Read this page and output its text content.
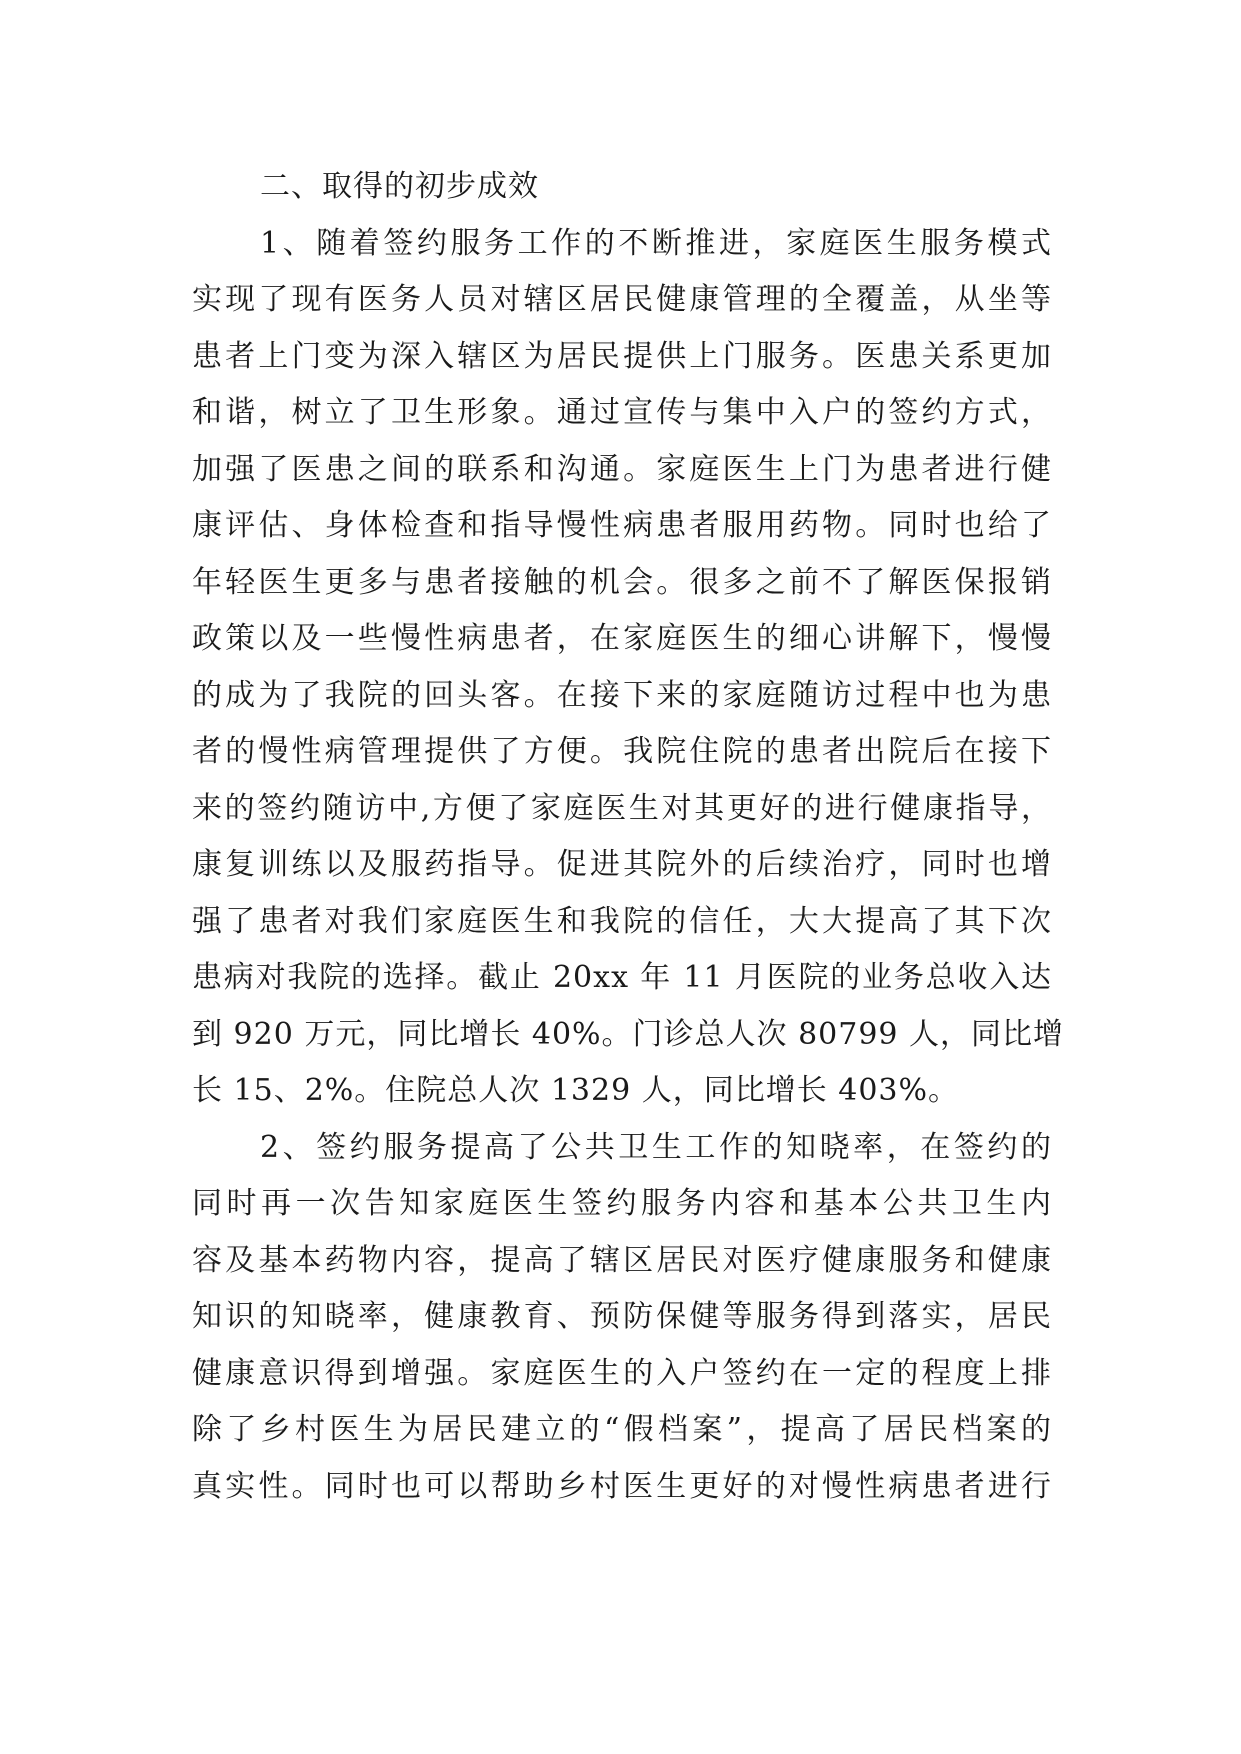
二、取得的初步成效
1、随着签约服务工作的不断推进，家庭医生服务模式
实现了现有医务人员对辖区居民健康管理的全覆盖，从坐等
患者上门变为深入辖区为居民提供上门服务。医患关系更加
和谐，树立了卫生形象。通过宣传与集中入户的签约方式，
加强了医患之间的联系和沟通。家庭医生上门为患者进行健
康评估、身体检查和指导慢性病患者服用药物。同时也给了
年轻医生更多与患者接触的机会。很多之前不了解医保报销
政策以及一些慢性病患者，在家庭医生的细心讲解下，慢慢
的成为了我院的回头客。在接下来的家庭随访过程中也为患
者的慢性病管理提供了方便。我院住院的患者出院后在接下
来的签约随访中,方便了家庭医生对其更好的进行健康指导，
康复训练以及服药指导。促进其院外的后续治疗，同时也增
强了患者对我们家庭医生和我院的信任，大大提高了其下次
患病对我院的选择。截止 20xx 年 11 月医院的业务总收入达
到 920 万元，同比增长 40%。门诊总人次 80799 人，同比增
长 15、2%。住院总人次 1329 人，同比增长 403%。
2、签约服务提高了公共卫生工作的知晓率，在签约的
同时再一次告知家庭医生签约服务内容和基本公共卫生内
容及基本药物内容，提高了辖区居民对医疗健康服务和健康
知识的知晓率，健康教育、预防保健等服务得到落实，居民
健康意识得到增强。家庭医生的入户签约在一定的程度上排
除了乡村医生为居民建立的“假档案”，提高了居民档案的
真实性。同时也可以帮助乡村医生更好的对慢性病患者进行
